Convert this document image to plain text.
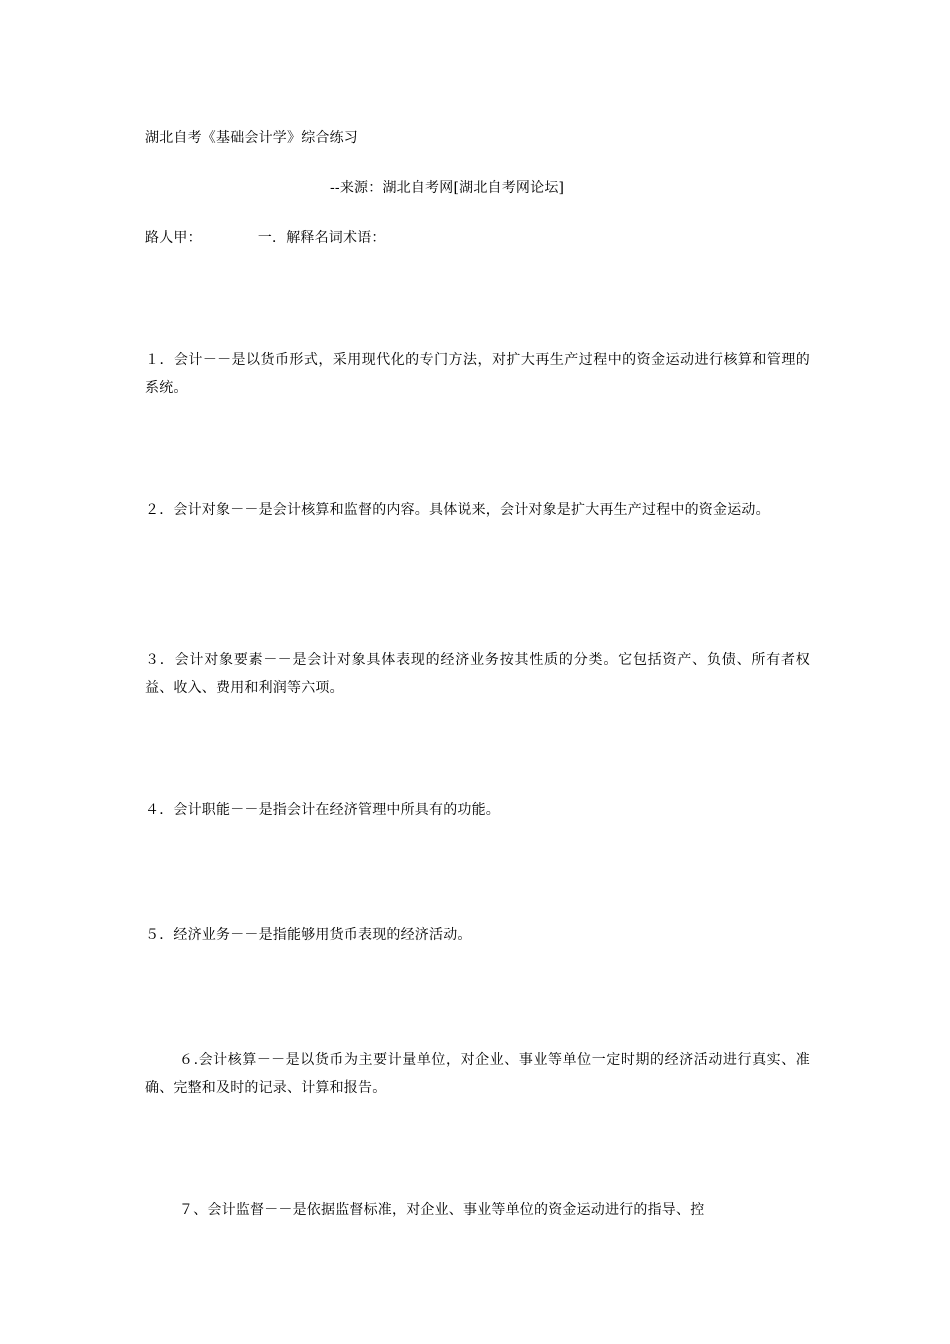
湖北自考《基础会计学》综合练习
--来源：湖北自考网[湖北自考网论坛]
路人甲：	一．解释名词术语：
１．会计－－是以货币形式，采用现代化的专门方法，对扩大再生产过程中的资金运动进行核算和管理的系统。
２．会计对象－－是会计核算和监督的内容。具体说来，会计对象是扩大再生产过程中的资金运动。
３．会计对象要素－－是会计对象具体表现的经济业务按其性质的分类。它包括资产、负债、所有者权益、收入、费用和利润等六项。
４．会计职能－－是指会计在经济管理中所具有的功能。
５．经济业务－－是指能够用货币表现的经济活动。
６.会计核算－－是以货币为主要计量单位，对企业、事业等单位一定时期的经济活动进行真实、准确、完整和及时的记录、计算和报告。
７、会计监督－－是依据监督标准，对企业、事业等单位的资金运动进行的指导、控
